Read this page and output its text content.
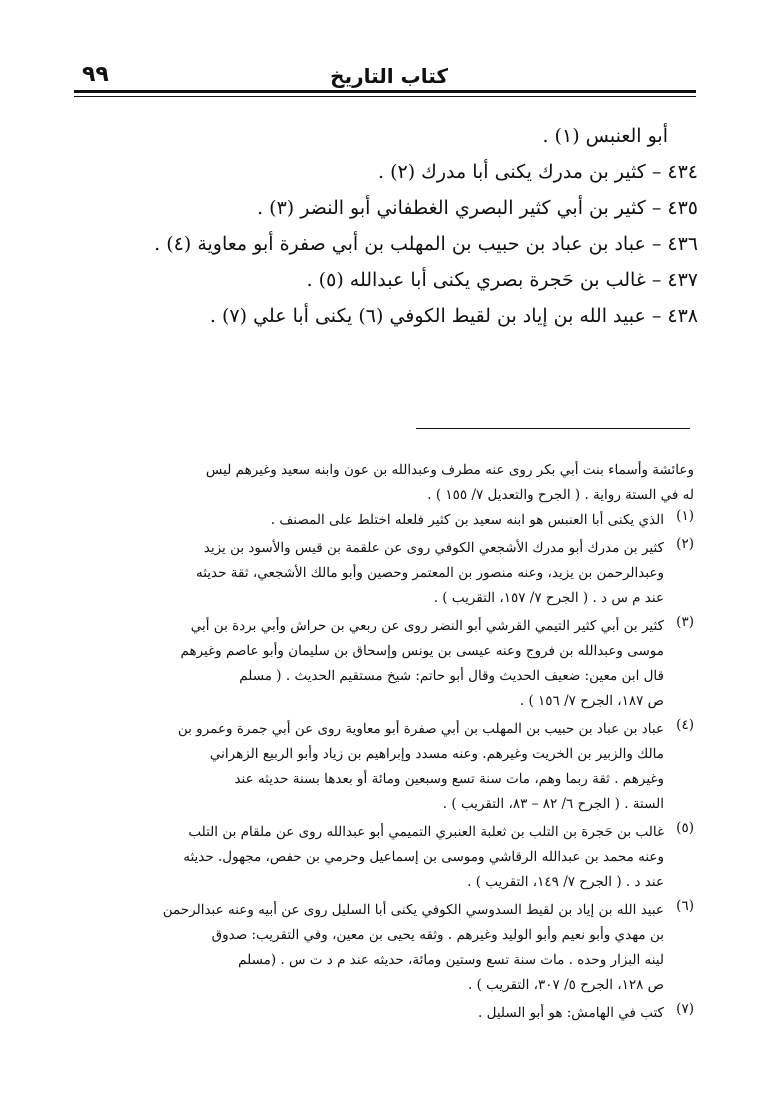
كتاب التاريخ
٩٩
أبو العنبس (١) .
٤٣٤ – كثير بن مدرك يكنى أبا مدرك (٢) .
٤٣٥ – كثير بن أبي كثير البصري الغطفاني أبو النضر (٣) .
٤٣٦ – عباد بن عباد بن حبيب بن المهلب بن أبي صفرة أبو معاوية (٤) .
٤٣٧ – غالب بن حَجرة بصري يكنى أبا عبدالله (٥) .
٤٣٨ – عبيد الله بن إياد بن لقيط الكوفي (٦) يكنى أبا علي (٧) .
وعائشة وأسماء بنت أبي بكر روى عنه مطرف وعبدالله بن عون وابنه سعيد وغيرهم ليس
له في الستة رواية . ( الجرح والتعديل ٧/ ١٥٥ ) .
(١)
الذي يكنى أبا العنبس هو ابنه سعيد بن كثير فلعله اختلط على المصنف .
(٢)
كثير بن مدرك أبو مدرك الأشجعي الكوفي روى عن علقمة بن قيس والأسود بن يزيد
وعبدالرحمن بن يزيد، وعنه منصور بن المعتمر وحصين وأبو مالك الأشجعي، ثقة حديثه
عند م س د . ( الجرح ٧/ ١٥٧، التقريب ) .
(٣)
كثير بن أبي كثير التيمي القرشي أبو النضر روى عن ربعي بن حراش وأبي بردة بن أبي
موسى وعبدالله بن فروج وعنه عيسى بن يونس وإسحاق بن سليمان وأبو عاصم وغيرهم
قال ابن معين: ضعيف الحديث وقال أبو حاتم: شيخ مستقيم الحديث . ( مسلم
ص ١٨٧، الجرح ٧/ ١٥٦ ) .
(٤)
عباد بن عباد بن حبيب بن المهلب بن أبي صفرة أبو معاوية روى عن أبي جمرة وعمرو بن
مالك والزبير بن الخريت وغيرهم. وعنه مسدد وإبراهيم بن زياد وأبو الربيع الزهراني
وغيرهم . ثقة ربما وهم، مات سنة تسع وسبعين ومائة أو بعدها بسنة حديثه عند
الستة . ( الجرح ٦/ ٨٢ – ٨٣، التقريب ) .
(٥)
غالب بن حَجرة بن التلب بن ثعلبة العنبري التميمي أبو عبدالله روى عن ملقام بن التلب
وعنه محمد بن عبدالله الرقاشي وموسى بن إسماعيل وحرمي بن حفص، مجهول. حديثه
عند د . ( الجرح ٧/ ١٤٩، التقريب ) .
(٦)
عبيد الله بن إياد بن لقيط السدوسي الكوفي يكنى أبا السليل روى عن أبيه وعنه عبدالرحمن
بن مهدي وأبو نعيم وأبو الوليد وغيرهم . وثقه يحيى بن معين، وفي التقريب: صدوق
لينه البزار وحده . مات سنة تسع وستين ومائة، حديثه عند م د ت س . (مسلم
ص ١٢٨، الجرح ٥/ ٣٠٧، التقريب ) .
(٧)
كتب في الهامش: هو أبو السليل .
